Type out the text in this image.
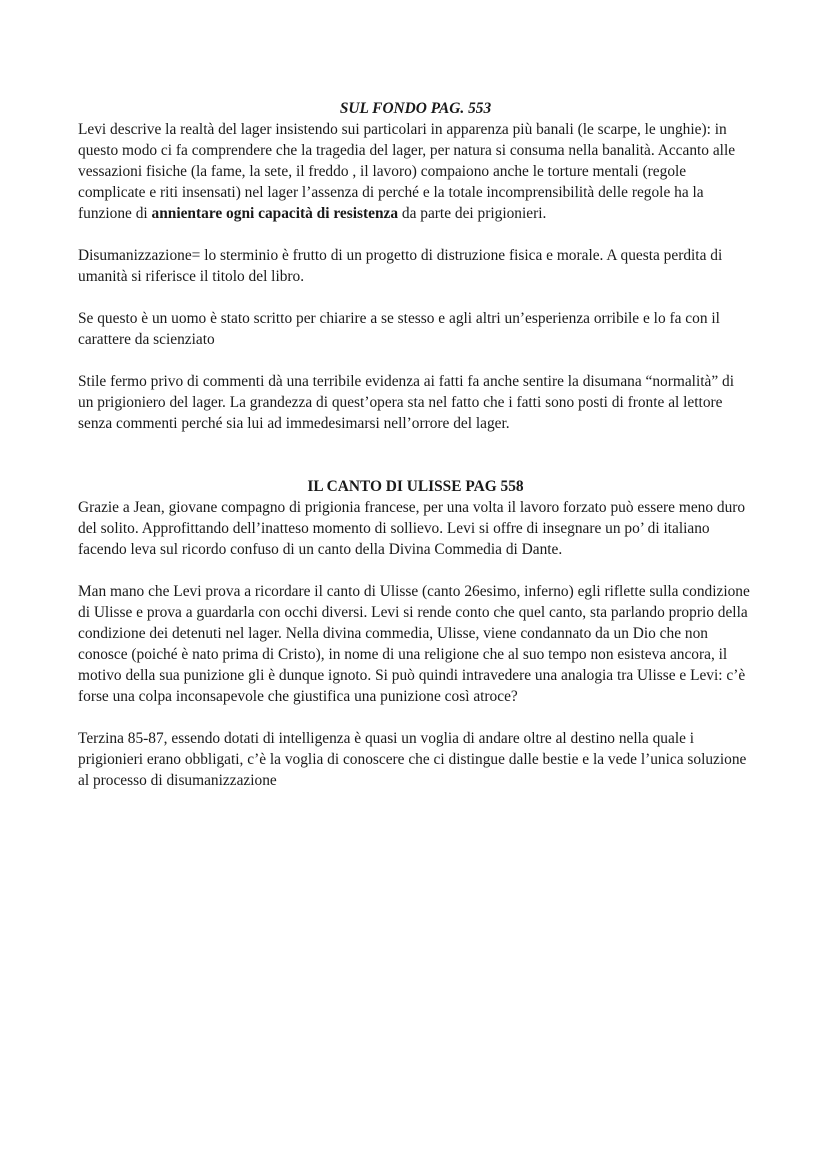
SUL FONDO PAG. 553

Levi descrive la realtà del lager insistendo sui particolari in apparenza più banali (le scarpe, le unghie): in questo modo ci fa comprendere che la tragedia del lager, per natura si consuma nella banalità. Accanto alle vessazioni fisiche (la fame, la sete, il freddo , il lavoro) compaiono anche le torture mentali (regole complicate e riti insensati) nel lager l’assenza di perché e la totale incomprensibilità delle regole ha la funzione di annientare ogni capacità di resistenza da parte dei prigionieri.

Disumanizzazione= lo sterminio è frutto di un progetto di distruzione fisica e morale. A questa perdita di umanità si riferisce il titolo del libro.

Se questo è un uomo è stato scritto per chiarire a se stesso e agli altri un’esperienza orribile e lo fa con il carattere da scienziato

Stile fermo privo di commenti dà una terribile evidenza ai fatti fa anche sentire la disumana “normalità” di un prigioniero del lager. La grandezza di quest’opera sta nel fatto che i fatti sono posti di fronte al lettore senza commenti perché sia lui ad immedesimarsi nell’orrore del lager.

IL CANTO DI ULISSE PAG 558

Grazie a Jean, giovane compagno di prigionia francese, per una volta il lavoro forzato può essere meno duro del solito. Approfittando dell’inatteso momento di sollievo. Levi si offre di insegnare un po’ di italiano facendo leva sul ricordo confuso di un canto della Divina Commedia di Dante.

Man mano che Levi prova a ricordare il canto di Ulisse (canto 26esimo, inferno) egli riflette sulla condizione di Ulisse e prova a guardarla con occhi diversi. Levi si rende conto che quel canto, sta parlando proprio della condizione dei detenuti nel lager. Nella divina commedia, Ulisse, viene condannato da un Dio che non conosce (poiché è nato prima di Cristo), in nome di una religione che al suo tempo non esisteva ancora, il motivo della sua punizione gli è dunque ignoto. Si può quindi intravedere una analogia tra Ulisse e Levi: c’è forse una colpa inconsapevole che giustifica una punizione così atroce?

Terzina 85-87, essendo dotati di intelligenza è quasi un voglia di andare oltre al destino nella quale i prigionieri erano obbligati, c’è la voglia di conoscere che ci distingue dalle bestie e la vede l’unica soluzione al processo di disumanizzazione
